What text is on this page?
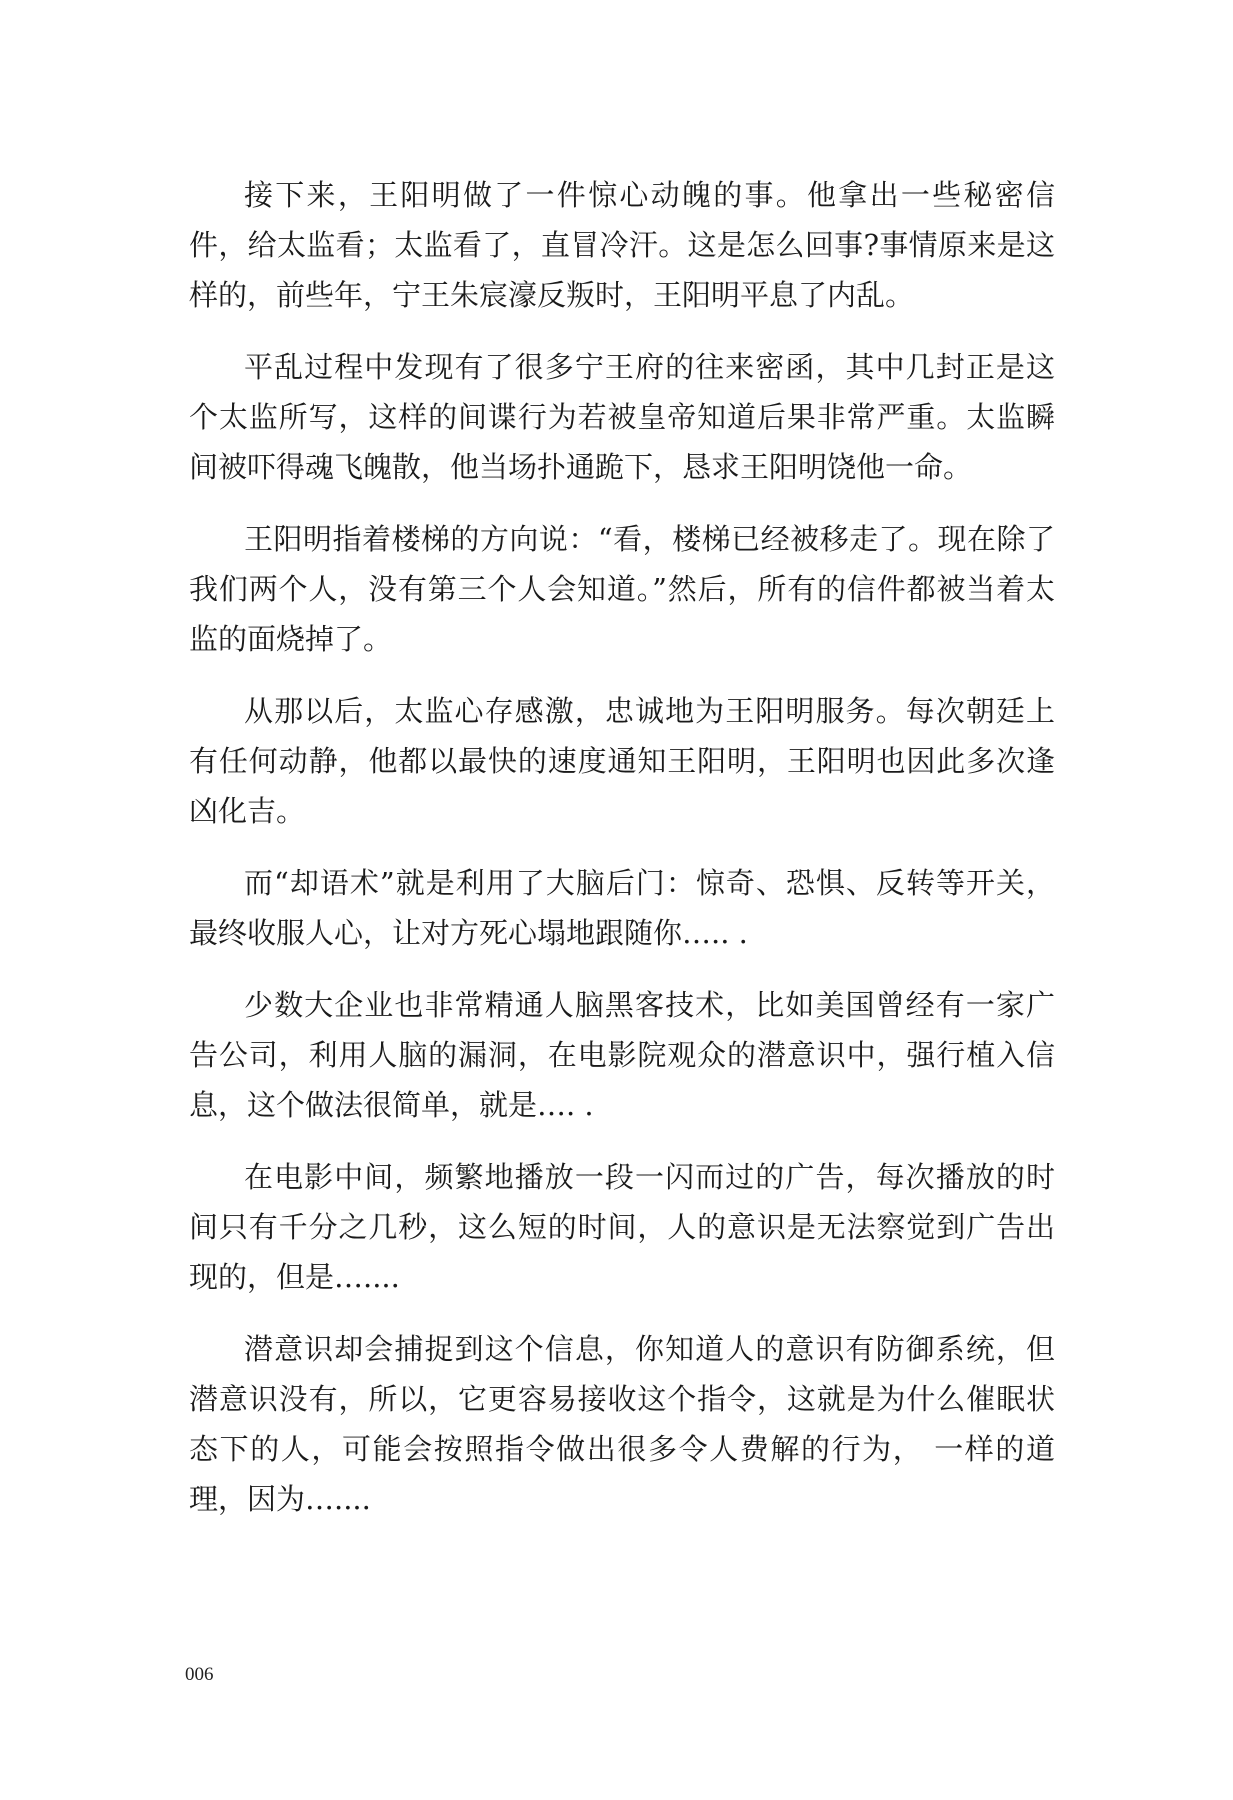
接下来，王阳明做了一件惊心动魄的事。他拿出一些秘密信件，给太监看；太监看了，直冒冷汗。这是怎么回事?事情原来是这样的，前些年，宁王朱宸濠反叛时，王阳明平息了内乱。

平乱过程中发现有了很多宁王府的往来密函，其中几封正是这个太监所写，这样的间谍行为若被皇帝知道后果非常严重。太监瞬间被吓得魂飞魄散，他当场扑通跪下，恳求王阳明饶他一命。

王阳明指着楼梯的方向说：“看，楼梯已经被移走了。现在除了我们两个人，没有第三个人会知道。”然后，所有的信件都被当着太监的面烧掉了。

从那以后，太监心存感激，忠诚地为王阳明服务。每次朝廷上有任何动静，他都以最快的速度通知王阳明，王阳明也因此多次逢凶化吉。

而“却语术”就是利用了大脑后门：惊奇、恐惧、反转等开关，最终收服人心，让对方死心塌地跟随你….. .

少数大企业也非常精通人脑黑客技术，比如美国曾经有一家广告公司，利用人脑的漏洞，在电影院观众的潜意识中，强行植入信息，这个做法很简单，就是…. .

在电影中间，频繁地播放一段一闪而过的广告，每次播放的时间只有千分之几秒，这么短的时间，人的意识是无法察觉到广告出现的，但是…....

潜意识却会捕捉到这个信息，你知道人的意识有防御系统，但潜意识没有，所以，它更容易接收这个指令，这就是为什么催眠状态下的人，可能会按照指令做出很多令人费解的行为， 一样的道理，因为…....

006
